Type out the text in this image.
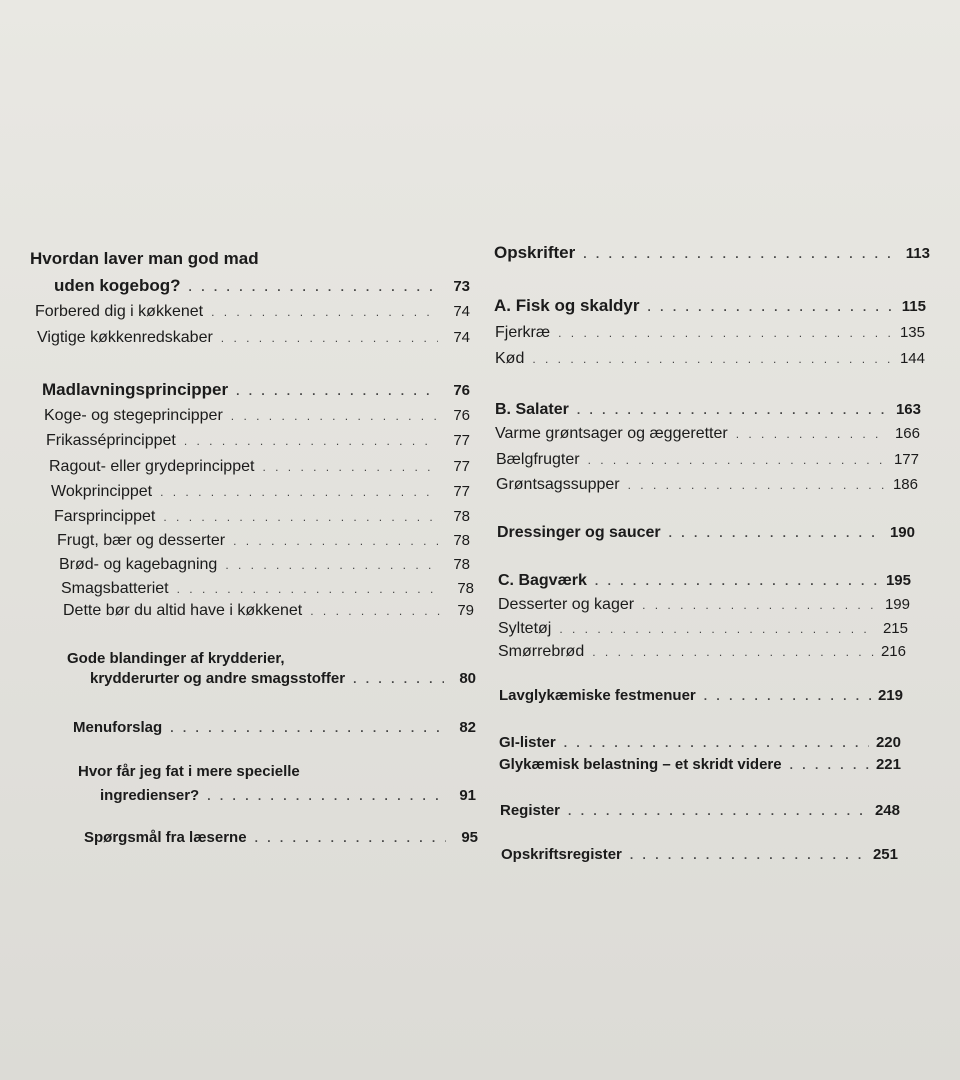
Hvordan laver man god mad
uden kogebog? . . .	73
Forbered dig i køkkenet . . .	74
Vigtige køkkenredskaber . . .	74
Madlavningsprincipper . . .	76
Koge- og stegeprincipper . . .	76
Frikasséprincippet . . .	77
Ragout- eller grydeprincippet . . .	77
Wokprincippet . . .	77
Farsprincippet . . .	78
Frugt, bær og desserter . . .	78
Brød- og kagebagning . . .	78
Smagsbatteriet . . .	78
Dette bør du altid have i køkkenet . . .	79
Gode blandinger af krydderier,
krydderurter og andre smagsstoffer . . .	80
Menuforslag . . .	82
Hvor får jeg fat i mere specielle
ingredienser? . . .	91
Spørgsmål fra læserne . . .	95
Opskrifter . . .	113
A. Fisk og skaldyr . . .	115
Fjerkræ . . .	135
Kød . . .	144
B. Salater . . .	163
Varme grøntsager og æggeretter . . .	166
Bælgfrugter . . .	177
Grøntsagssupper . . .	186
Dressinger og saucer . . .	190
C. Bagværk . . .	195
Desserter og kager . . .	199
Syltetøj . . .	215
Smørrebrød . . .	216
Lavglykæmiske festmenuer . . .	219
GI-lister . . .	220
Glykæmisk belastning – et skridt videre . . .	221
Register . . .	248
Opskriftsregister . . .	251
